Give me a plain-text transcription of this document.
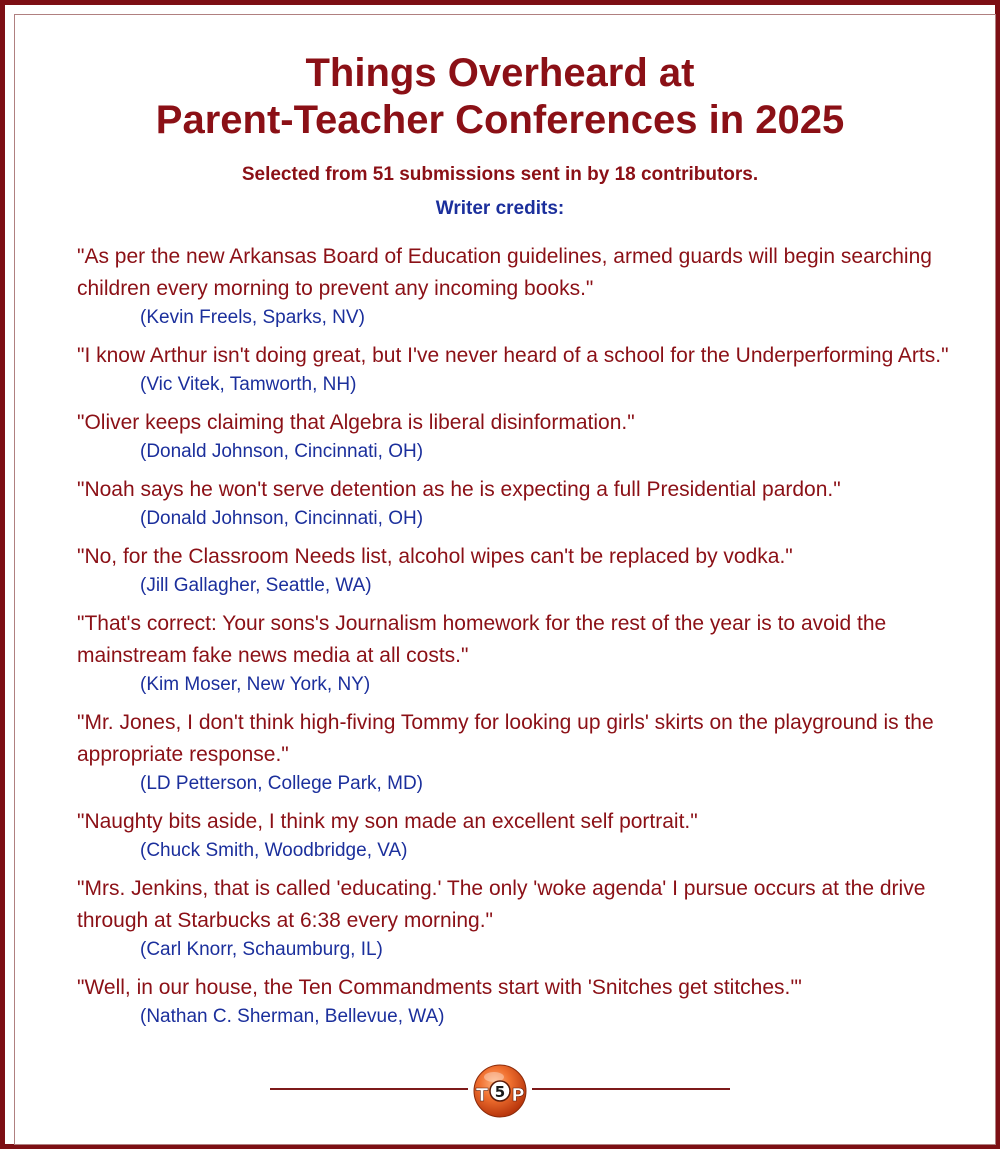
Things Overheard at
Parent-Teacher Conferences in 2025
Selected from 51 submissions sent in by 18 contributors.
Writer credits:
"As per the new Arkansas Board of Education guidelines, armed guards will begin searching children every morning to prevent any incoming books."
(Kevin Freels, Sparks, NV)
"I know Arthur isn't doing great, but I've never heard of a school for the Underperforming Arts."
(Vic Vitek, Tamworth, NH)
"Oliver keeps claiming that Algebra is liberal disinformation."
(Donald Johnson, Cincinnati, OH)
"Noah says he won't serve detention as he is expecting a full Presidential pardon."
(Donald Johnson, Cincinnati, OH)
"No, for the Classroom Needs list, alcohol wipes can't be replaced by vodka."
(Jill Gallagher, Seattle, WA)
"That's correct: Your sons's Journalism homework for the rest of the year is to avoid the mainstream fake news media at all costs."
(Kim Moser, New York, NY)
"Mr. Jones, I don't think high-fiving Tommy for looking up girls' skirts on the playground is the appropriate response."
(LD Petterson, College Park, MD)
"Naughty bits aside, I think my son made an excellent self portrait."
(Chuck Smith, Woodbridge, VA)
"Mrs. Jenkins, that is called 'educating.' The only 'woke agenda' I pursue occurs at the drive through at Starbucks at 6:38 every morning."
(Carl Knorr, Schaumburg, IL)
"Well, in our house, the Ten Commandments start with 'Snitches get stitches.'"
(Nathan C. Sherman, Bellevue, WA)
T 5 P
